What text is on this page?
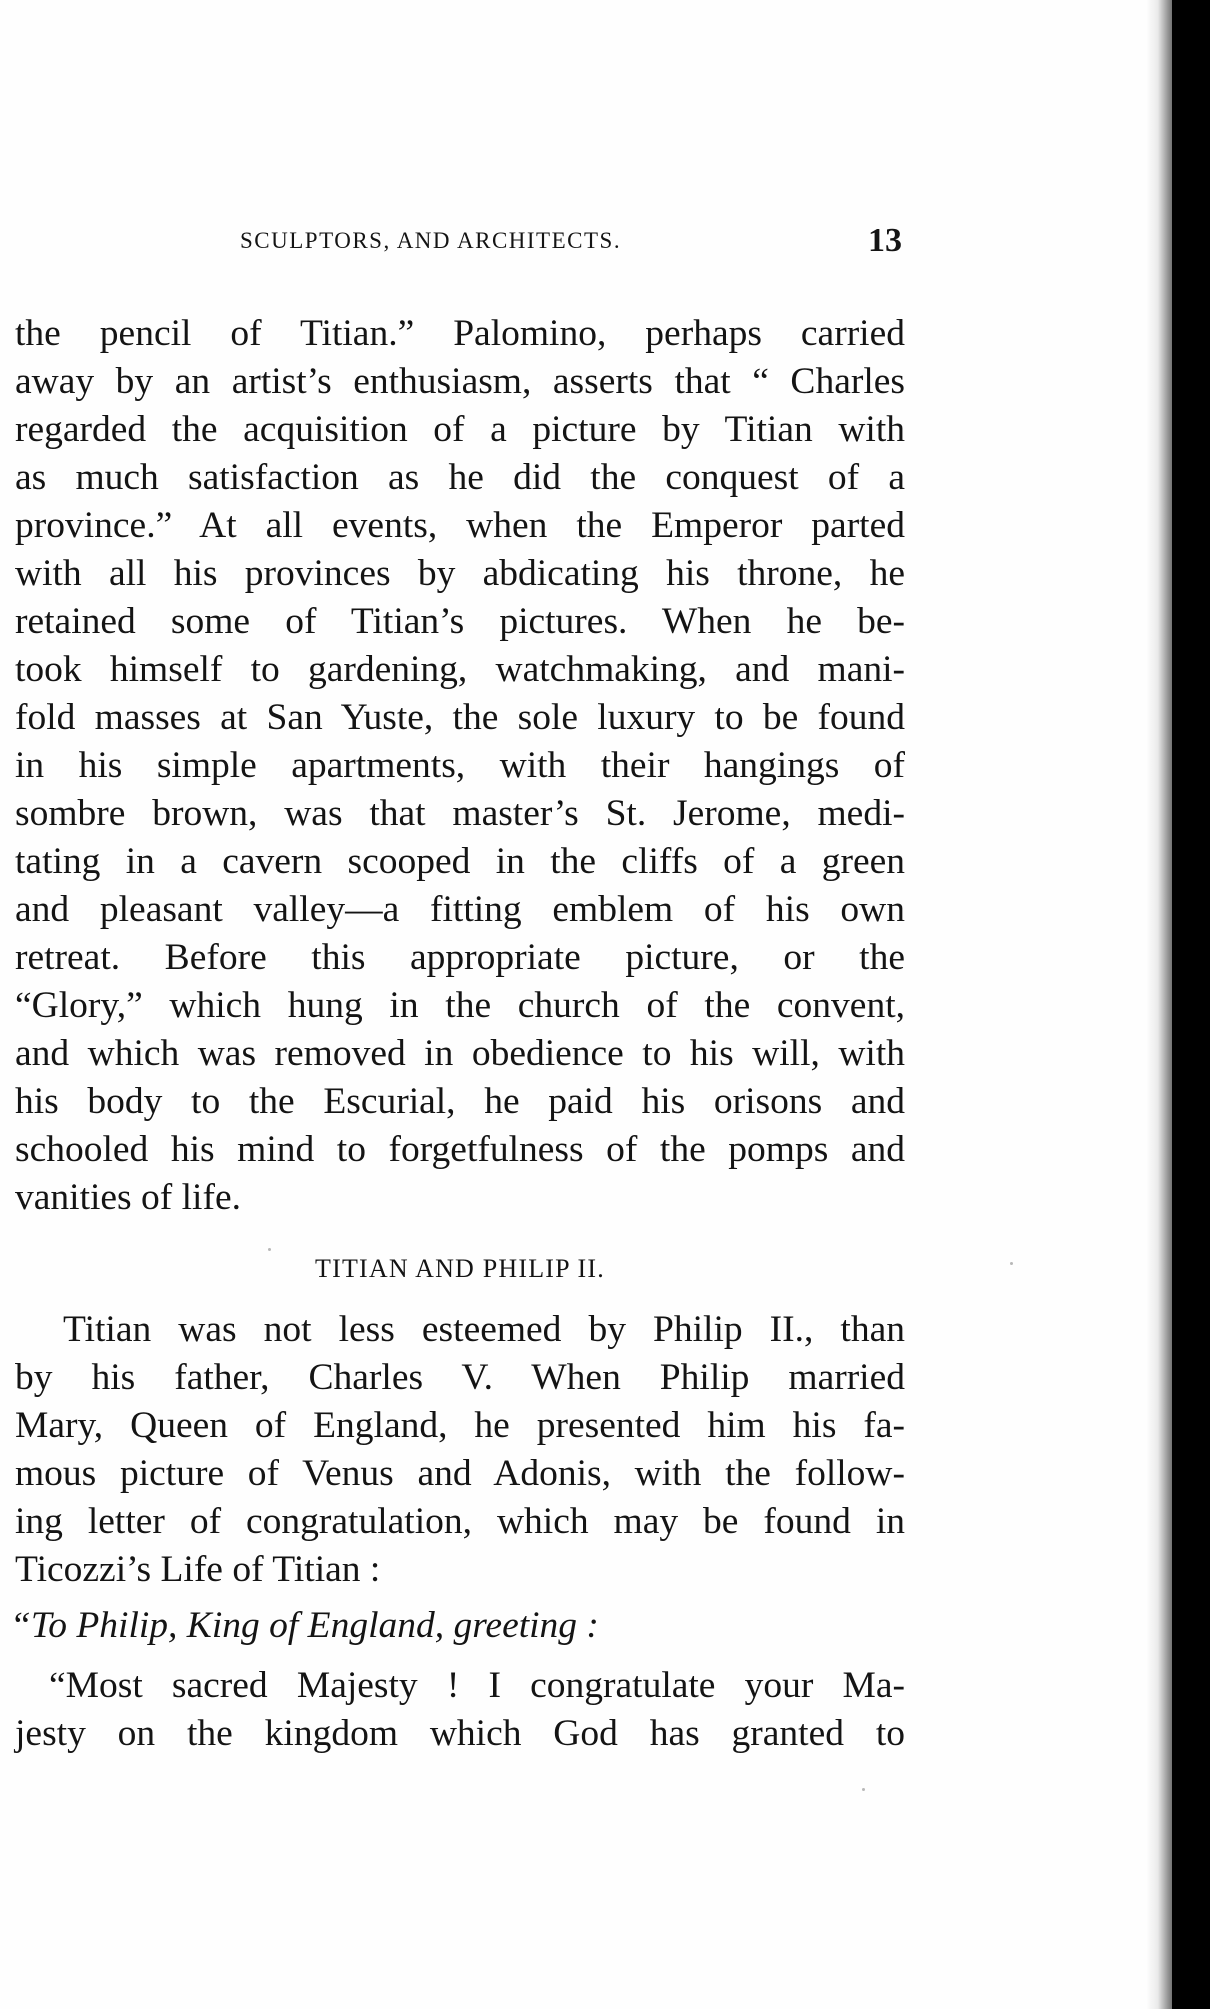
SCULPTORS, AND ARCHITECTS.	13
the pencil of Titian.” Palomino, perhaps carried
away by an artist’s enthusiasm, asserts that “ Charles
regarded the acquisition of a picture by Titian with
as much satisfaction as he did the conquest of a
province.” At all events, when the Emperor parted
with all his provinces by abdicating his throne, he
retained some of Titian’s pictures. When he be-
took himself to gardening, watchmaking, and mani-
fold masses at San Yuste, the sole luxury to be found
in his simple apartments, with their hangings of
sombre brown, was that master’s St. Jerome, medi-
tating in a cavern scooped in the cliffs of a green
and pleasant valley—a fitting emblem of his own
retreat. Before this appropriate picture, or the
“Glory,” which hung in the church of the convent,
and which was removed in obedience to his will, with
his body to the Escurial, he paid his orisons and
schooled his mind to forgetfulness of the pomps and
vanities of life.
TITIAN AND PHILIP II.
Titian was not less esteemed by Philip II., than
by his father, Charles V. When Philip married
Mary, Queen of England, he presented him his fa-
mous picture of Venus and Adonis, with the follow-
ing letter of congratulation, which may be found in
Ticozzi’s Life of Titian :
“To Philip, King of England, greeting :
“Most sacred Majesty ! I congratulate your Ma-
jesty on the kingdom which God has granted to
